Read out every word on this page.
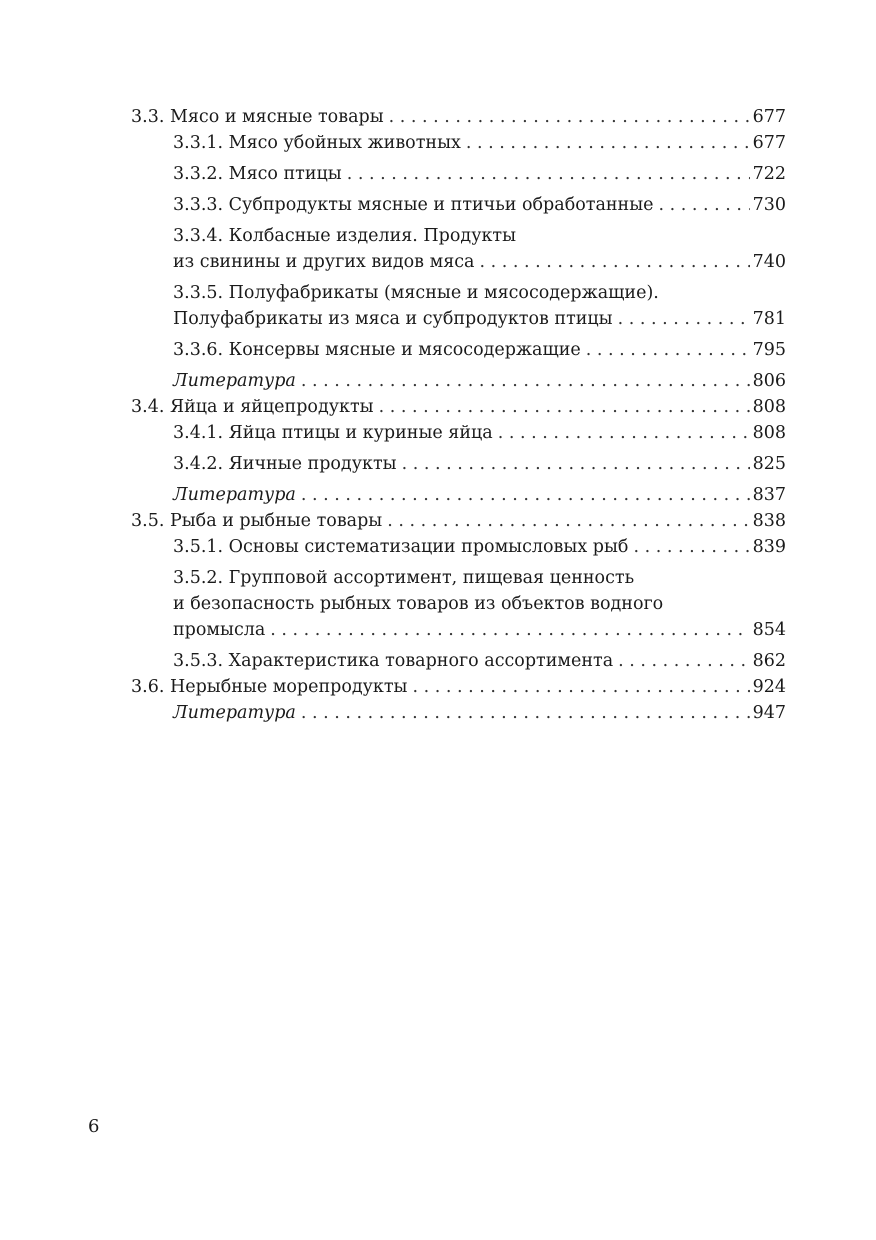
3.3. Мясо и мясные товары . . .	677
3.3.1. Мясо убойных животных . . .	677
3.3.2. Мясо птицы . . .	722
3.3.3. Субпродукты мясные и птичьи обработанные . . .	730
3.3.4. Колбасные изделия. Продукты
из свинины и других видов мяса . . .	740
3.3.5. Полуфабрикаты (мясные и мясосодержащие).
Полуфабрикаты из мяса и субпродуктов птицы . . .	781
3.3.6. Консервы мясные и мясосодержащие . . .	795
Литература . . .	806
3.4. Яйца и яйцепродукты . . .	808
3.4.1. Яйца птицы и куриные яйца . . .	808
3.4.2. Яичные продукты . . .	825
Литература . . .	837
3.5. Рыба и рыбные товары . . .	838
3.5.1. Основы систематизации промысловых рыб . . .	839
3.5.2. Групповой ассортимент, пищевая ценность
и безопасность рыбных товаров из объектов водного
промысла . . .	854
3.5.3. Характеристика товарного ассортимента . . .	862
3.6. Нерыбные морепродукты . . .	924
Литература . . .	947
6
